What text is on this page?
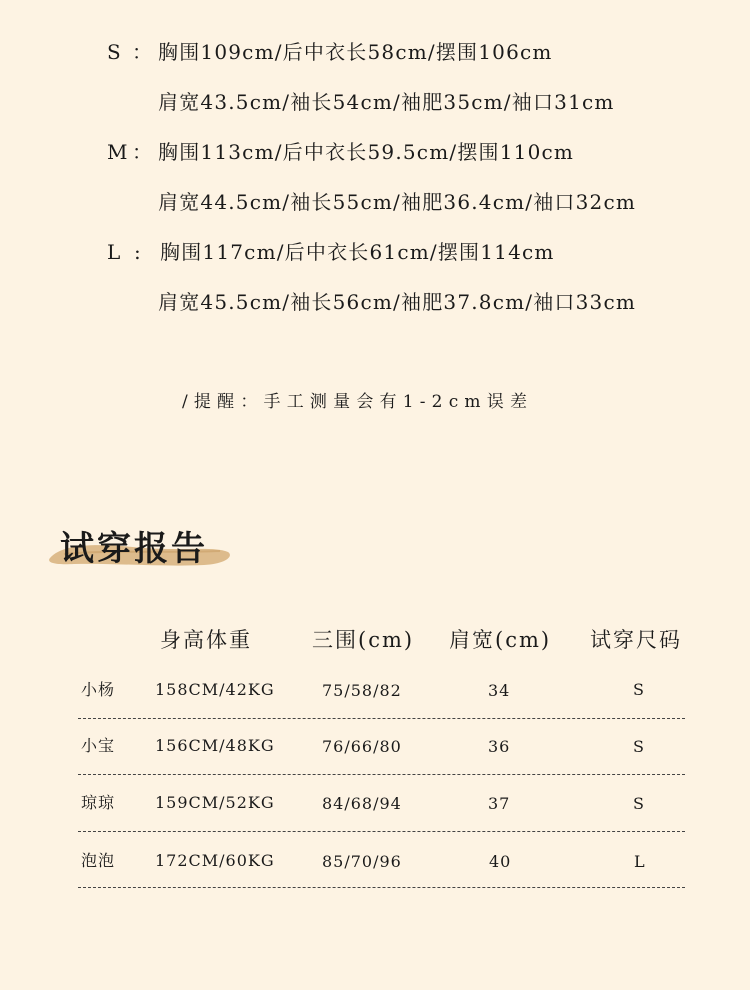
S ： 胸围109cm/后中衣长58cm/摆围106cm
肩宽43.5cm/袖长54cm/袖肥35cm/袖口31cm
M ： 胸围113cm/后中衣长59.5cm/摆围110cm
肩宽44.5cm/袖长55cm/袖肥36.4cm/袖口32cm
L : 胸围117cm/后中衣长61cm/摆围114cm
肩宽45.5cm/袖长56cm/袖肥37.8cm/袖口33cm
/提醒：手工测量会有1-2cm误差
试穿报告
身高体重	三围(cm) 肩宽(cm) 试穿尺码
小杨 158CM/42KG	75/58/82	34	S
小宝 156CM/48KG	76/66/80	36	S
琼琼 159CM/52KG	84/68/94	37	S
泡泡 172CM/60KG	85/70/96	40	L
